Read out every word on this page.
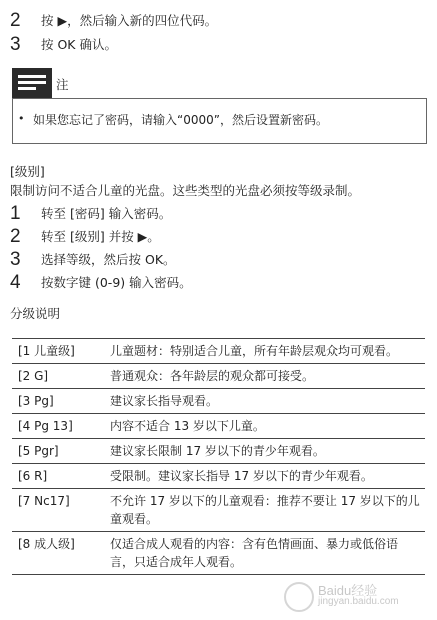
2 按 ▶，然后输入新的四位代码。
3 按 OK 确认。
注
• 如果您忘记了密码，请输入“0000”，然后设置新密码。
[级别]
限制访问不适合儿童的光盘。这些类型的光盘必须按等级录制。
1 转至 [密码] 输入密码。
2 转至 [级别] 并按 ▶。
3 选择等级，然后按 OK。
4 按数字键 (0-9) 输入密码。
分级说明
[1 儿童级]	儿童题材：特别适合儿童，所有年龄层观众均可观看。
[2 G]	普通观众：各年龄层的观众都可接受。
[3 Pg]	建议家长指导观看。
[4 Pg 13]	内容不适合 13 岁以下儿童。
[5 Pgr]	建议家长限制 17 岁以下的青少年观看。
[6 R]	受限制。建议家长指导 17 岁以下的青少年观看。
[7 Nc17]	不允许 17 岁以下的儿童观看：推荐不要让 17 岁以下的儿童观看。
[8 成人级]	仅适合成人观看的内容：含有色情画面、暴力或低俗语言，只适合成年人观看。
Baidu经验
jingyan.baidu.com
